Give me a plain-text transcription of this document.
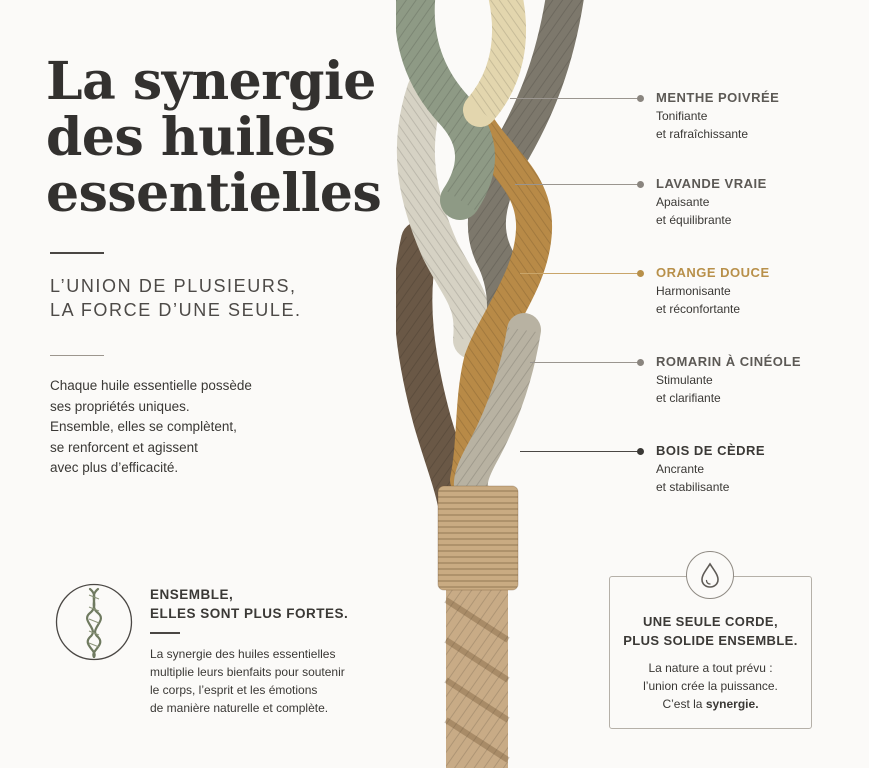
La synergie
des huiles
essentielles
L’UNION DE PLUSIEURS,
LA FORCE D’UNE SEULE.
Chaque huile essentielle possède
ses propriétés uniques.
Ensemble, elles se complètent,
se renforcent et agissent
avec plus d’efficacité.
ENSEMBLE,
ELLES SONT PLUS FORTES.
La synergie des huiles essentielles
multiplie leurs bienfaits pour soutenir
le corps, l’esprit et les émotions
de manière naturelle et complète.
MENTHE POIVRÉE
Tonifiante
et rafraîchissante
LAVANDE VRAIE
Apaisante
et équilibrante
ORANGE DOUCE
Harmonisante
et réconfortante
ROMARIN À CINÉOLE
Stimulante
et clarifiante
BOIS DE CÈDRE
Ancrante
et stabilisante
UNE SEULE CORDE,
PLUS SOLIDE ENSEMBLE.
La nature a tout prévu :
l’union crée la puissance.
C’est la synergie.
